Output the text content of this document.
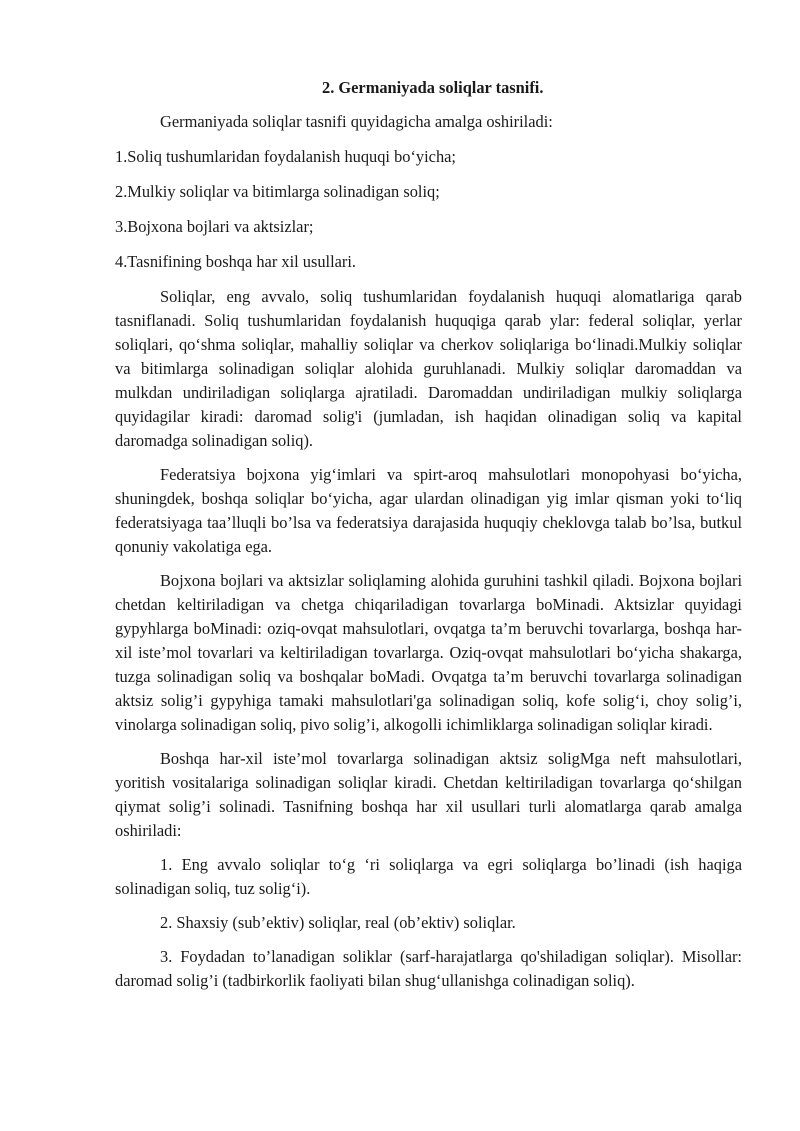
2. Germaniyada soliqlar tasnifi.

Germaniyada soliqlar tasnifi quyidagicha amalga oshiriladi:

1.Soliq tushumlaridan foydalanish huquqi bo‘yicha;

2.Mulkiy soliqlar va bitimlarga solinadigan soliq;

3.Bojxona bojlari va aktsizlar;

4.Tasnifining boshqa har xil usullari.

Soliqlar, eng avvalo, soliq tushumlaridan foydalanish huquqi alomatlariga qarab tasniflanadi. Soliq tushumlaridan foydalanish huquqiga qarab ylar: federal soliqlar, yerlar soliqlari, qo‘shma soliqlar, mahalliy soliqlar va cherkov soliqlariga bo‘linadi.Mulkiy soliqlar va bitimlarga solinadigan soliqlar alohida guruhlanadi. Mulkiy soliqlar daromaddan va mulkdan undiriladigan soliqlarga ajratiladi. Daromaddan undiriladigan mulkiy soliqlarga quyidagilar kiradi: daromad solig'i (jumladan, ish haqidan olinadigan soliq va kapital daromadga solinadigan soliq).

Federatsiya bojxona yig‘imlari va spirt-aroq mahsulotlari monopohyasi bo‘yicha, shuningdek, boshqa soliqlar bo‘yicha, agar ulardan olinadigan yig imlar qisman yoki to‘liq federatsiyaga taa’lluqli bo’lsa va federatsiya darajasida huquqiy cheklovga talab bo’lsa, butkul qonuniy vakolatiga ega.

Bojxona bojlari va aktsizlar soliqlaming alohida guruhini tashkil qiladi. Bojxona bojlari chetdan keltiriladigan va chetga chiqariladigan tovarlarga boMinadi. Aktsizlar quyidagi gypyhlarga boMinadi: oziq-ovqat mahsulotlari, ovqatga ta’m beruvchi tovarlarga, boshqa har-xil iste’mol tovarlari va keltiriladigan tovarlarga. Oziq-ovqat mahsulotlari bo‘yicha shakarga, tuzga solinadigan soliq va boshqalar boMadi. Ovqatga ta’m beruvchi tovarlarga solinadigan aktsiz solig’i gypyhiga tamaki mahsulotlari'ga solinadigan soliq, kofe solig‘i, choy solig’i, vinolarga solinadigan soliq, pivo solig’i, alkogolli ichimliklarga solinadigan soliqlar kiradi.

Boshqa har-xil iste’mol tovarlarga solinadigan aktsiz soligMga neft mahsulotlari, yoritish vositalariga solinadigan soliqlar kiradi. Chetdan keltiriladigan tovarlarga qo‘shilgan qiymat solig’i solinadi. Tasnifning boshqa har xil usullari turli alomatlarga qarab amalga oshiriladi:

1. Eng avvalo soliqlar to‘g ‘ri soliqlarga va egri soliqlarga bo’linadi (ish haqiga solinadigan soliq, tuz solig‘i).

2. Shaxsiy (sub’ektiv) soliqlar, real (ob’ektiv) soliqlar.

3. Foydadan to’lanadigan soliklar (sarf-harajatlarga qo'shiladigan soliqlar). Misollar: daromad solig’i (tadbirkorlik faoliyati bilan shug‘ullanishga colinadigan soliq).
